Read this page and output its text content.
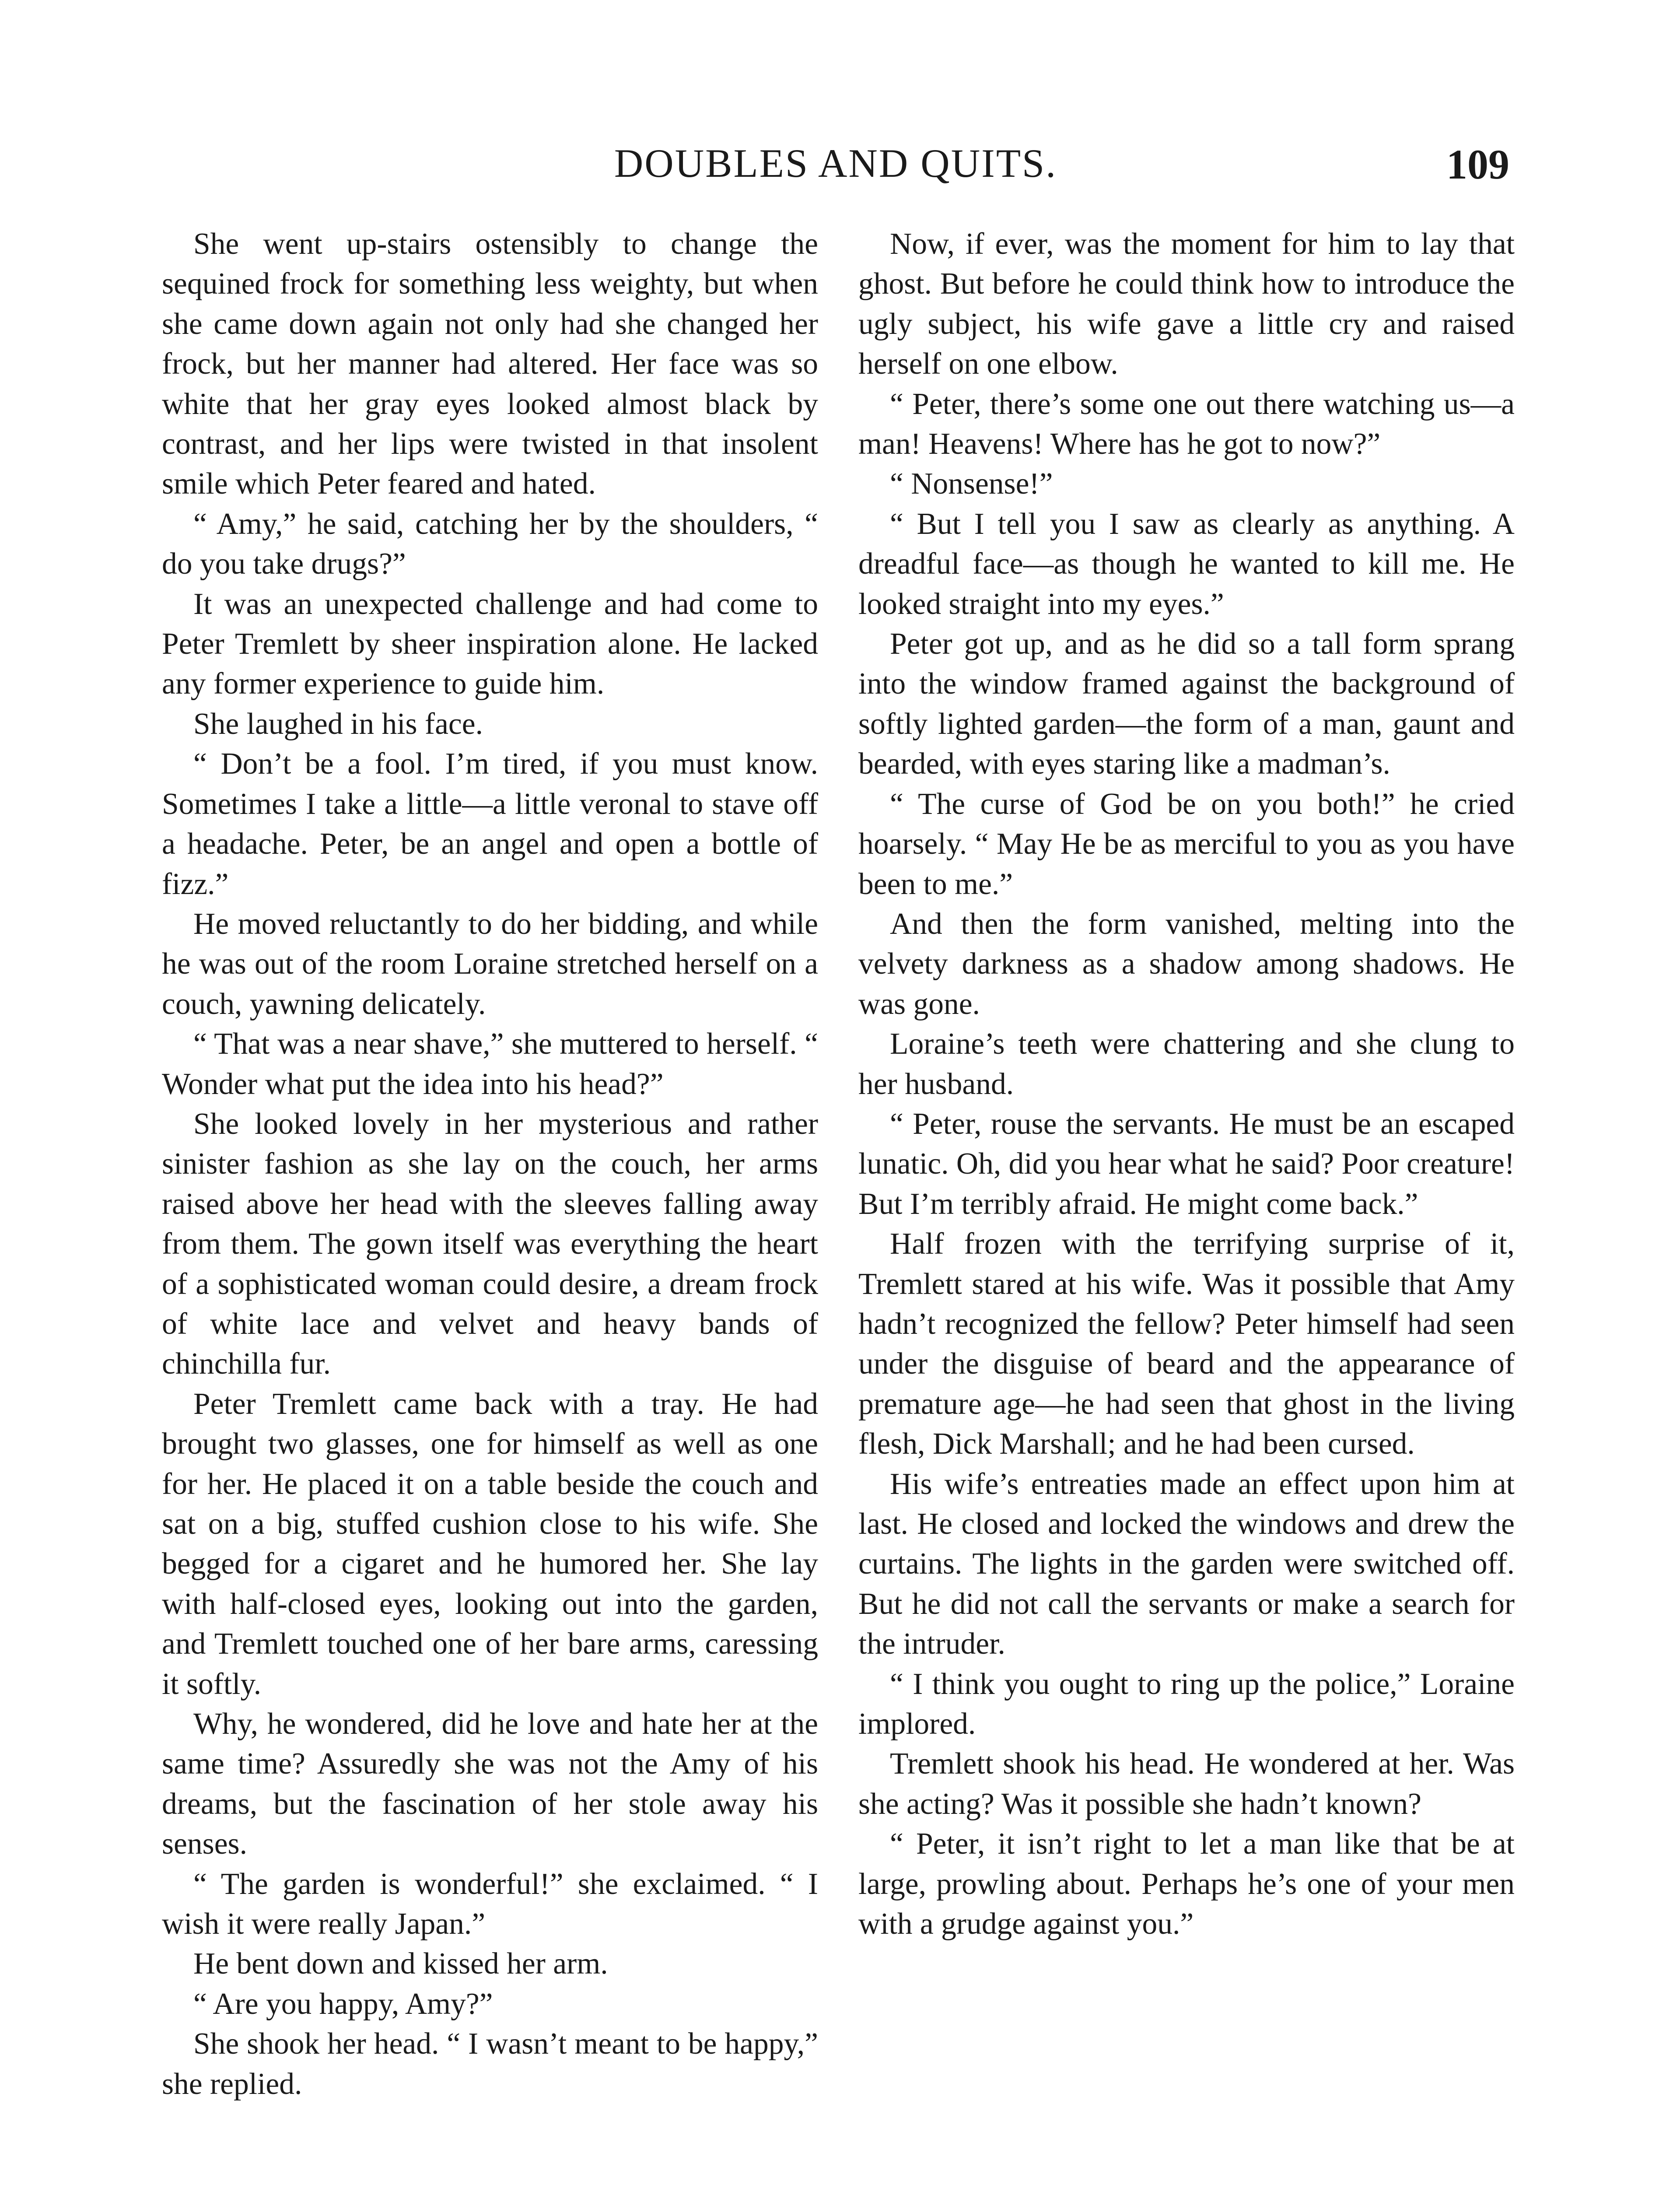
DOUBLES AND QUITS.	109

She went up-stairs ostensibly to change the sequined frock for something less weighty, but when she came down again not only had she changed her frock, but her manner had altered. Her face was so white that her gray eyes looked almost black by contrast, and her lips were twisted in that insolent smile which Peter feared and hated.

“ Amy,” he said, catching her by the shoulders, “ do you take drugs?”

It was an unexpected challenge and had come to Peter Tremlett by sheer inspiration alone. He lacked any former experience to guide him.

She laughed in his face.

“ Don’t be a fool. I’m tired, if you must know. Sometimes I take a little—a little veronal to stave off a headache. Peter, be an angel and open a bottle of fizz.”

He moved reluctantly to do her bidding, and while he was out of the room Loraine stretched herself on a couch, yawning delicately.

“ That was a near shave,” she muttered to herself. “ Wonder what put the idea into his head?”

She looked lovely in her mysterious and rather sinister fashion as she lay on the couch, her arms raised above her head with the sleeves falling away from them. The gown itself was everything the heart of a sophisticated woman could desire, a dream frock of white lace and velvet and heavy bands of chinchilla fur.

Peter Tremlett came back with a tray. He had brought two glasses, one for himself as well as one for her. He placed it on a table beside the couch and sat on a big, stuffed cushion close to his wife. She begged for a cigaret and he humored her. She lay with half-closed eyes, looking out into the garden, and Tremlett touched one of her bare arms, caressing it softly.

Why, he wondered, did he love and hate her at the same time? Assuredly she was not the Amy of his dreams, but the fascination of her stole away his senses.

“ The garden is wonderful!” she exclaimed. “ I wish it were really Japan.”

He bent down and kissed her arm.

“ Are you happy, Amy?”

She shook her head. “ I wasn’t meant to be happy,” she replied.

Now, if ever, was the moment for him to lay that ghost. But before he could think how to introduce the ugly subject, his wife gave a little cry and raised herself on one elbow.

“ Peter, there’s some one out there watching us—a man! Heavens! Where has he got to now?”

“ Nonsense!”

“ But I tell you I saw as clearly as anything. A dreadful face—as though he wanted to kill me. He looked straight into my eyes.”

Peter got up, and as he did so a tall form sprang into the window framed against the background of softly lighted garden—the form of a man, gaunt and bearded, with eyes staring like a madman’s.

“ The curse of God be on you both!” he cried hoarsely. “ May He be as merciful to you as you have been to me.”

And then the form vanished, melting into the velvety darkness as a shadow among shadows. He was gone.

Loraine’s teeth were chattering and she clung to her husband.

“ Peter, rouse the servants. He must be an escaped lunatic. Oh, did you hear what he said? Poor creature! But I’m terribly afraid. He might come back.”

Half frozen with the terrifying surprise of it, Tremlett stared at his wife. Was it possible that Amy hadn’t recognized the fellow? Peter himself had seen under the disguise of beard and the appearance of premature age—he had seen that ghost in the living flesh, Dick Marshall; and he had been cursed.

His wife’s entreaties made an effect upon him at last. He closed and locked the windows and drew the curtains. The lights in the garden were switched off. But he did not call the servants or make a search for the intruder.

“ I think you ought to ring up the police,” Loraine implored.

Tremlett shook his head. He wondered at her. Was she acting? Was it possible she hadn’t known?

“ Peter, it isn’t right to let a man like that be at large, prowling about. Perhaps he’s one of your men with a grudge against you.”
